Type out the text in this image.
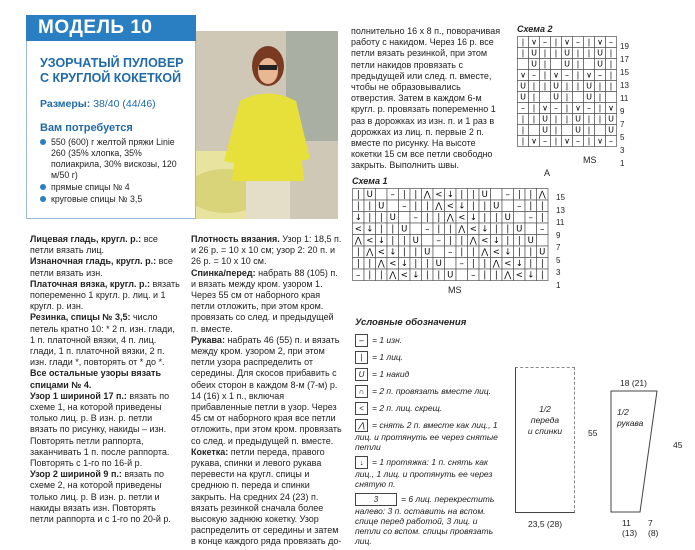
МОДЕЛЬ 10
УЗОРЧАТЫЙ ПУЛОВЕР
С КРУГЛОЙ КОКЕТКОЙ
Размеры: 38/40 (44/46)
Вам потребуется
550 (600) г желтой пряжи Linie 260 (35% хлопка, 35% полиакрила, 30% вискозы, 120 м/50 г)
прямые спицы № 4
круговые спицы № 3,5

Лицевая гладь, кругл. р.: все петли вязать лиц.

Изнаночная гладь, кругл. р.: все петли вязать изн.

Платочная вязка, кругл. р.: вязать попеременно 1 кругл. р. лиц. и 1 кругл. р. изн.

Резинка, спицы № 3,5: число петель кратно 10: * 2 п. изн. глади, 1 п. платочной вязки, 4 п. лиц. глади, 1 п. платочной вязки, 2 п. изн. глади *, повторять от * до *.

Все остальные узоры вязать спицами № 4.

Узор 1 шириной 17 п.: вязать по схеме 1, на которой приведены только лиц. р. В изн. р. петли вязать по рисунку, накиды – изн. Повторять петли раппорта, заканчивать 1 п. после раппорта. Повторять с 1-го по 16-й р.

Узор 2 шириной 9 п.: вязать по схеме 2, на которой приведены только лиц. р. В изн. р. петли и накиды вязать изн. Повторять петли раппорта и с 1-го по 20-й р.

Плотность вязания. Узор 1: 18,5 п. и 26 р. = 10 х 10 см; узор 2: 20 п. и 26 р. = 10 х 10 см.

Спинка/перед: набрать 88 (105) п. и вязать между кром. узором 1. Через 55 см от наборного края петли отложить, при этом кром. провязать со след. и предыдущей п. вместе.

Рукава: набрать 46 (55) п. и вязать между кром. узором 2, при этом петли узора распределить от середины. Для скосов прибавить с обеих сторон в каждом 8-м (7-м) р. 14 (16) х 1 п., включая прибавленные петли в узор. Через 45 см от наборного края все петли отложить, при этом кром. провязать со след. и предыдущей п. вместе.

Кокетка: петли переда, правого рукава, спинки и левого рукава перевести на кругл. спицы и среднюю п. переда и спинки закрыть. На средних 24 (23) п. вязать резинкой сначала более высокую заднюю кокетку. Узор распределить от середины и затем в конце каждого ряда провязать до-

полнительно 16 х 8 п., поворачивая работу с накидом. Через 16 р. все петли вязать резинкой, при этом петли накидов провязать с предыдущей или след. п. вместе, чтобы не образовывались отверстия. Затем в каждом 6-м кругл. р. провязать попеременно 1 раз в дорожках из изн. п. и 1 раз в дорожках из лиц. п. первые 2 п. вместе по рисунку. На высоте кокетки 15 см все петли свободно закрыть. Выполнить швы.

Схема 2
| ∨ – | ∨ – | ∨ –
| U | | U | | U |
U | U | U |
∨ – | ∨ – | ∨ – |
U | | U | | U | |
U | U | U |
– | ∨ – | ∨ – | ∨
| | U | | U | | U
| U | U | U
| ∨ – | ∨ – | ∨ –
19
17
15
13
11
9
7
5
3
1
MS
A
Схема 1
| U – | | ⋀ < ↓ | | U – | | ⋀
| | U – | | ⋀ < ↓ | | U – | |
↓ | | U – | | ⋀ < ↓ | | U – |
< ↓ | | U – | | ⋀ < ↓ | | U –
⋀ < ↓ | | U – | | ⋀ < ↓ | | U
| ⋀ < ↓ | | U – | | ⋀ < ↓ | | U
| | ⋀ < ↓ | | U – | | ⋀ < ↓ | |
– | | ⋀ < ↓ | | U – | | ⋀ < ↓ |
15
13
11
9
7
5
3
1
MS
Условные обозначения
– = 1 изн.
| = 1 лиц.
U = 1 накид
∩ = 2 п. провязать вместе лиц.
< = 2 п. лиц. скрещ.
⋀ = снять 2 п. вместе как лиц., 1 лиц. и протянуть ее через снятые петли
↓ = 1 протяжка: 1 п. снять как лиц., 1 лиц. и протянуть ее через снятую п.
3	= 6 лиц. перекрестить налево: 3 п. оставить на вспом. спице перед работой, 3 лиц. и петли со вспом. спицы провязать лиц.
1/2
переда
и спинки	55
23,5 (28)
18 (21)
1/2
рукава
45
11
(13)
7
(8)
